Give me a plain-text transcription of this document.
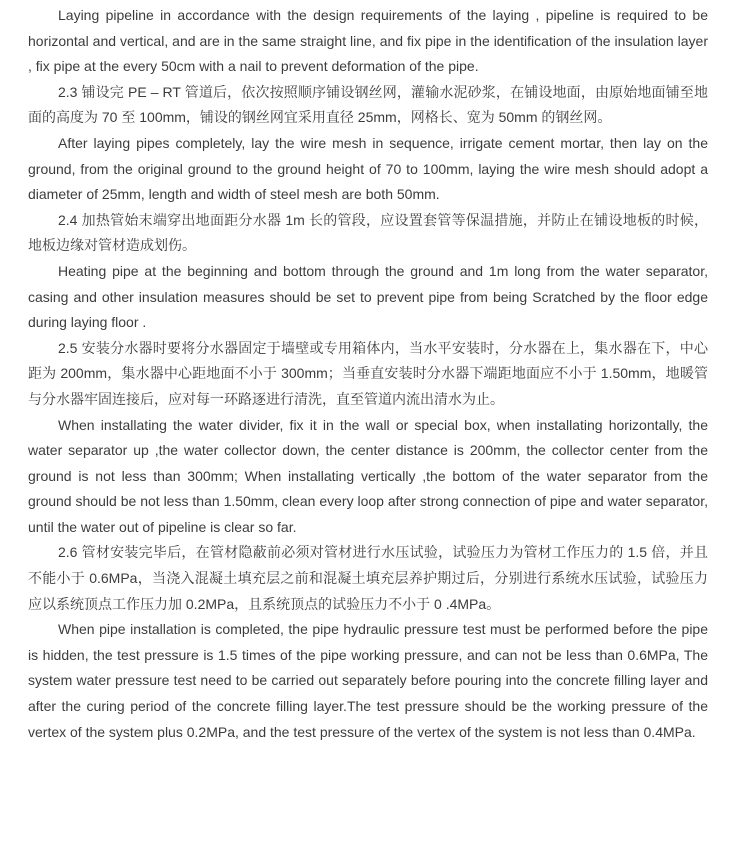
Laying pipeline in accordance with the design requirements of the laying , pipeline is required to be horizontal and vertical, and are in the same straight line, and fix pipe in the identification of the insulation layer , fix pipe at the every 50cm with a nail to prevent deformation of the pipe.

2.3 铺设完 PE – RT 管道后，依次按照顺序铺设钢丝网，灌输水泥砂浆，在铺设地面，由原始地面铺至地面的高度为 70 至 100mm，铺设的钢丝网宜采用直径 25mm，网格长、宽为 50mm 的钢丝网。

After laying pipes completely, lay the wire mesh in sequence, irrigate cement mortar, then lay on the ground, from the original ground to the ground height of 70 to 100mm, laying the wire mesh should adopt a diameter of 25mm, length and width of steel mesh are both 50mm.

2.4 加热管始末端穿出地面距分水器 1m 长的管段，应设置套管等保温措施，并防止在铺设地板的时候，地板边缘对管材造成划伤。

Heating pipe at the beginning and bottom through the ground and 1m long from the water separator, casing and other insulation measures should be set to prevent pipe from being Scratched by the floor edge during laying floor .

2.5 安装分水器时要将分水器固定于墙壁或专用箱体内，当水平安装时，分水器在上，集水器在下，中心距为 200mm，集水器中心距地面不小于 300mm；当垂直安装时分水器下端距地面应不小于 1.50mm，地暖管与分水器牢固连接后，应对每一环路逐进行清洗，直至管道内流出清水为止。

When installating the water divider, fix it in the wall or special box, when installating horizontally, the water separator up ,the water collector down, the center distance is 200mm, the collector center from the ground is not less than 300mm; When installating vertically ,the bottom of the water separator from the ground should be not less than 1.50mm, clean every loop after strong connection of pipe and water separator, until the water out of pipeline is clear so far.

2.6 管材安装完毕后，在管材隐蔽前必须对管材进行水压试验，试验压力为管材工作压力的 1.5 倍，并且不能小于 0.6MPa，当浇入混凝土填充层之前和混凝土填充层养护期过后，分别进行系统水压试验，试验压力应以系统顶点工作压力加 0.2MPa，且系统顶点的试验压力不小于 0 .4MPa。

When pipe installation is completed, the pipe hydraulic pressure test must be performed before the pipe is hidden, the test pressure is 1.5 times of the pipe working pressure, and can not be less than 0.6MPa, The system water pressure test need to be carried out separately before pouring into the concrete filling layer and after the curing period of the concrete filling layer.The test pressure should be the working pressure of the vertex of the system plus 0.2MPa, and the test pressure of the vertex of the system is not less than 0.4MPa.
